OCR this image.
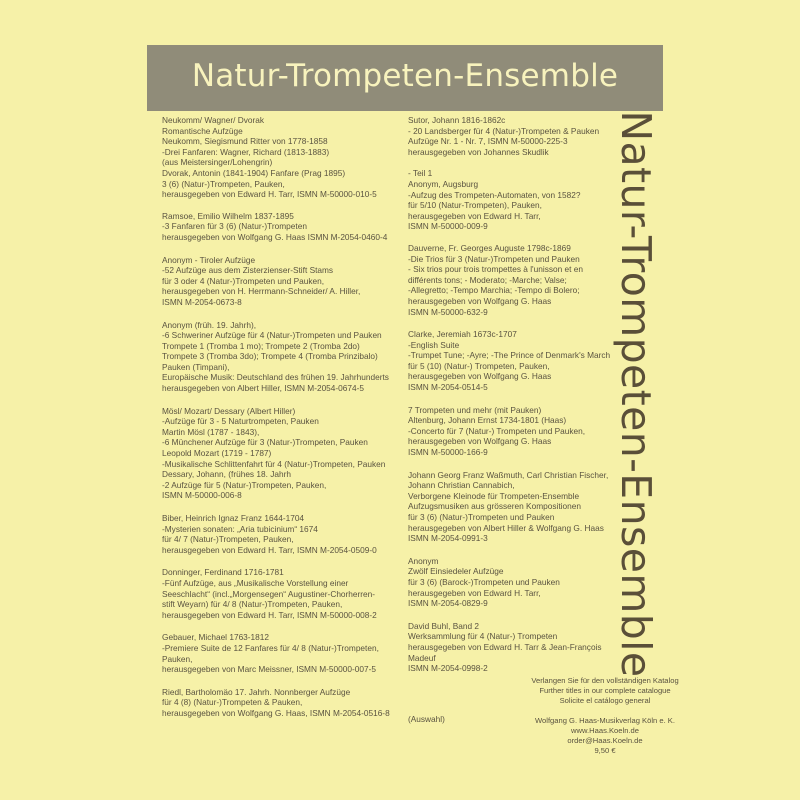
Natur-Trompeten-Ensemble
Neukomm/ Wagner/ Dvorak
Romantische Aufzüge
Neukomm, Siegismund Ritter von 1778-1858
-Drei Fanfaren: Wagner, Richard (1813-1883)
(aus Meistersinger/Lohengrin)
Dvorak, Antonin (1841-1904) Fanfare (Prag 1895)
3 (6) (Natur-)Trompeten, Pauken,
herausgegeben von Edward H. Tarr, ISMN M-50000-010-5
Ramsoe, Emilio Wilhelm 1837-1895
-3 Fanfaren für 3 (6) (Natur-)Trompeten
herausgegeben von Wolfgang G. Haas ISMN M-2054-0460-4
Anonym - Tiroler Aufzüge
-52 Aufzüge aus dem Zisterzienser-Stift Stams
für 3 oder 4 (Natur-)Trompeten und Pauken,
herausgegeben von H. Herrmann-Schneider/ A. Hiller,
ISMN M-2054-0673-8
Anonym (früh. 19. Jahrh),
-6 Schweriner Aufzüge für 4 (Natur-)Trompeten und Pauken
Trompete 1 (Tromba 1 mo); Trompete 2 (Tromba 2do)
Trompete 3 (Tromba 3do); Trompete 4 (Tromba Prinzibalo)
Pauken (Timpani),
Europäische Musik: Deutschland des frühen 19. Jahrhunderts
herausgegeben von Albert Hiller, ISMN M-2054-0674-5
Mösl/ Mozart/ Dessary (Albert Hiller)
-Aufzüge für 3 - 5 Naturtrompeten, Pauken
Martin Mösl (1787 - 1843),
-6 Münchener Aufzüge für 3 (Natur-)Trompeten, Pauken
Leopold Mozart (1719 - 1787)
-Musikalische Schlittenfahrt für 4 (Natur-)Trompeten, Pauken
Dessary, Johann, (frühes 18. Jahrh
-2 Aufzüge für 5 (Natur-)Trompeten, Pauken,
ISMN M-50000-006-8
Biber, Heinrich Ignaz Franz 1644-1704
-Mysterien sonaten: „Aria tubicinium“ 1674
für 4/ 7 (Natur-)Trompeten, Pauken,
herausgegeben von Edward H. Tarr, ISMN M-2054-0509-0
Donninger, Ferdinand 1716-1781
-Fünf Aufzüge, aus „Musikalische Vorstellung einer
Seeschlacht“ (incl.„Morgensegen“ Augustiner-Chorherren-
stift Weyarn) für 4/ 8 (Natur-)Trompeten, Pauken,
herausgegeben von Edward H. Tarr, ISMN M-50000-008-2
Gebauer, Michael 1763-1812
-Premiere Suite de 12 Fanfares für 4/ 8 (Natur-)Trompeten,
Pauken,
herausgegeben von Marc Meissner, ISMN M-50000-007-5
Riedl, Bartholomäo 17. Jahrh. Nonnberger Aufzüge
für 4 (8) (Natur-)Trompeten & Pauken,
herausgegeben von Wolfgang G. Haas, ISMN M-2054-0516-8
Sutor, Johann 1816-1862c
- 20 Landsberger für 4 (Natur-)Trompeten & Pauken
Aufzüge Nr. 1 - Nr. 7, ISMN M-50000-225-3
herausgegeben von Johannes Skudlik
- Teil 1
Anonym, Augsburg
-Aufzug des Trompeten-Automaten, von 1582?
für 5/10 (Natur-Trompeten), Pauken,
herausgegeben von Edward H. Tarr,
ISMN M-50000-009-9
Dauverne, Fr. Georges Auguste 1798c-1869
-Die Trios für 3 (Natur-)Trompeten und Pauken
- Six trios pour trois trompettes à l'unisson et en
différents tons; - Moderato; -Marche; Valse;
-Allegretto; -Tempo Marchia; -Tempo di Bolero;
herausgegeben von Wolfgang G. Haas
ISMN M-50000-632-9
Clarke, Jeremiah 1673c-1707
-English Suite
-Trumpet Tune; -Ayre; -The Prince of Denmark's March
für 5 (10) (Natur-) Trompeten, Pauken,
herausgegeben von Wolfgang G. Haas
ISMN M-2054-0514-5
7 Trompeten und mehr (mit Pauken)
Altenburg, Johann Ernst 1734-1801 (Haas)
-Concerto für 7 (Natur-) Trompeten und Pauken,
herausgegeben von Wolfgang G. Haas
ISMN M-50000-166-9
Johann Georg Franz Waßmuth, Carl Christian Fischer,
Johann Christian Cannabich,
Verborgene Kleinode für Trompeten-Ensemble
Aufzugsmusiken aus grösseren Kompositionen
für 3 (6) (Natur-)Trompeten und Pauken
herausgegeben von Albert Hiller & Wolfgang G. Haas
ISMN M-2054-0991-3
Anonym
Zwölf Einsiedeler Aufzüge
für 3 (6) (Barock-)Trompeten und Pauken
herausgegeben von Edward H. Tarr,
ISMN M-2054-0829-9
David Buhl, Band 2
Werksammlung für 4 (Natur-) Trompeten
herausgegeben von Edward H. Tarr & Jean-François
Madeuf
ISMN M-2054-0998-2	Natur-Trompeten-Ensemble
(Auswahl)
Verlangen Sie für den vollständigen Katalog
Further titles in our complete catalogue
Solicite el catálogo general
Wolfgang G. Haas-Musikverlag Köln e. K.
www.Haas.Koeln.de
order@Haas.Koeln.de
9,50 €
